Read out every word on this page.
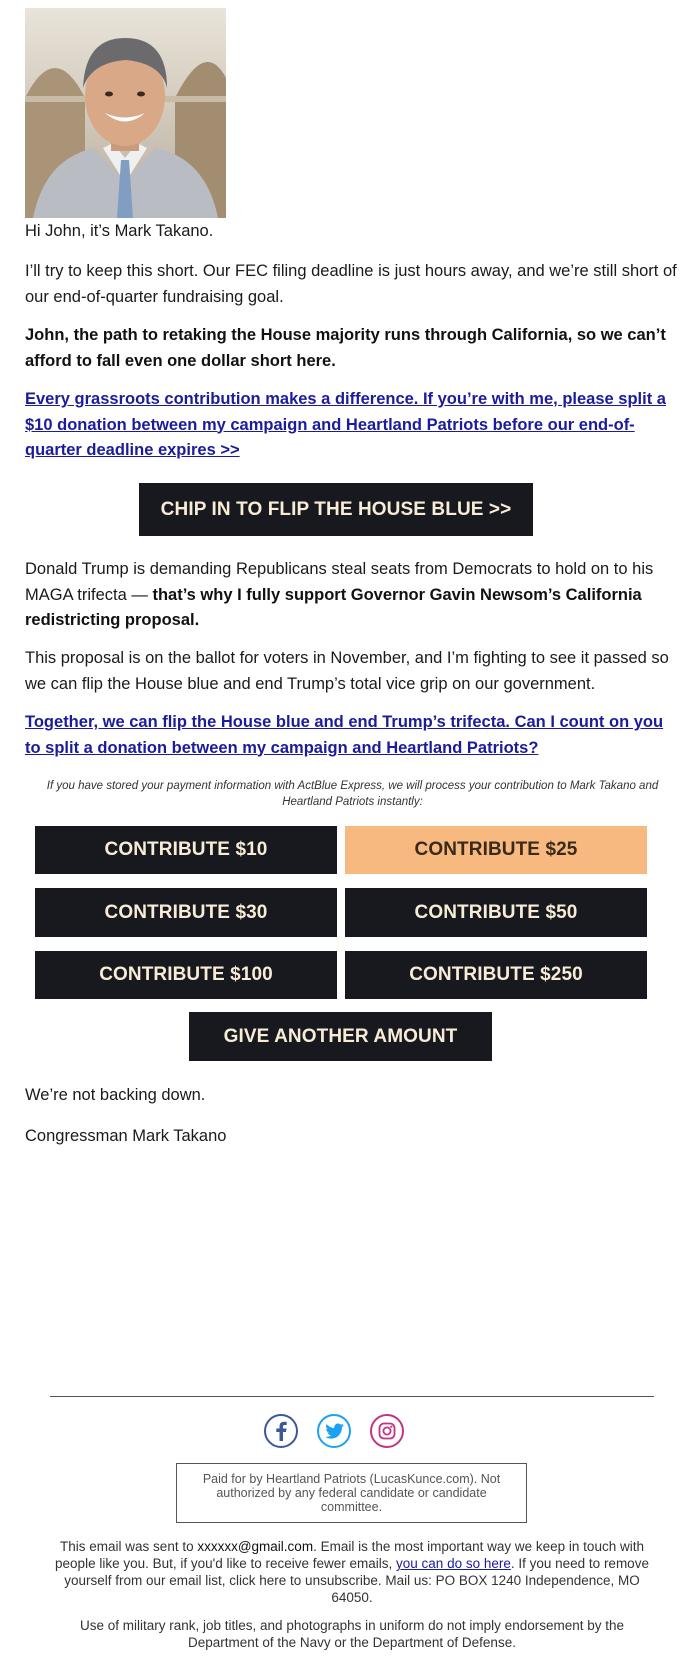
Hi John, it’s Mark Takano.

I’ll try to keep this short. Our FEC filing deadline is just hours away, and we’re still short of our end-of-quarter fundraising goal.

John, the path to retaking the House majority runs through California, so we can’t afford to fall even one dollar short here.

Every grassroots contribution makes a difference. If you’re with me, please split a $10 donation between my campaign and Heartland Patriots before our end-of-quarter deadline expires >>

CHIP IN TO FLIP THE HOUSE BLUE >>

Donald Trump is demanding Republicans steal seats from Democrats to hold on to his MAGA trifecta — that’s why I fully support Governor Gavin Newsom’s California redistricting proposal.

This proposal is on the ballot for voters in November, and I’m fighting to see it passed so we can flip the House blue and end Trump’s total vice grip on our government.

Together, we can flip the House blue and end Trump’s trifecta. Can I count on you to split a donation between my campaign and Heartland Patriots?

If you have stored your payment information with ActBlue Express, we will process your contribution to Mark Takano and Heartland Patriots instantly:

CONTRIBUTE $10	CONTRIBUTE $25
CONTRIBUTE $30	CONTRIBUTE $50
CONTRIBUTE $100	CONTRIBUTE $250
GIVE ANOTHER AMOUNT

We’re not backing down.

Congressman Mark Takano

Paid for by Heartland Patriots (LucasKunce.com). Not authorized by any federal candidate or candidate committee.

This email was sent to xxxxxx@gmail.com. Email is the most important way we keep in touch with people like you. But, if you'd like to receive fewer emails, you can do so here. If you need to remove yourself from our email list, click here to unsubscribe. Mail us: PO BOX 1240 Independence, MO 64050.

Use of military rank, job titles, and photographs in uniform do not imply endorsement by the Department of the Navy or the Department of Defense.
